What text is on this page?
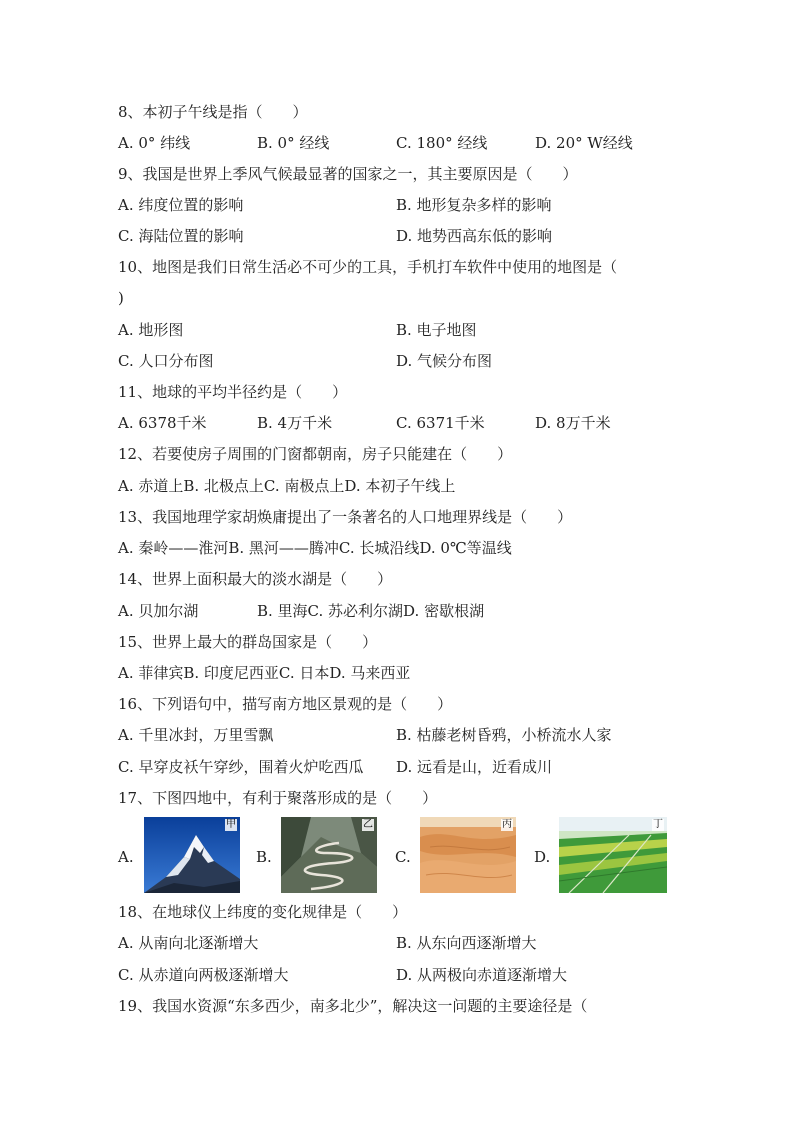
8、本初子午线是指（　　）
A. 0° 纬线	B. 0° 经线	C. 180° 经线	D. 20° W经线
9、我国是世界上季风气候最显著的国家之一，其主要原因是（　　）
A. 纬度位置的影响	B. 地形复杂多样的影响
C. 海陆位置的影响	D. 地势西高东低的影响
10、地图是我们日常生活必不可少的工具，手机打车软件中使用的地图是（
)
A. 地形图	B. 电子地图
C. 人口分布图	D. 气候分布图
11、地球的平均半径约是（　　）
A. 6378千米	B. 4万千米	C. 6371千米	D. 8万千米
12、若要使房子周围的门窗都朝南，房子只能建在（　　）
A. 赤道上B. 北极点上C. 南极点上D. 本初子午线上
13、我国地理学家胡焕庸提出了一条著名的人口地理界线是（　　）
A. 秦岭——淮河B. 黑河——腾冲C. 长城沿线D. 0℃等温线
14、世界上面积最大的淡水湖是（　　）
A. 贝加尔湖	B. 里海C. 苏必利尔湖D. 密歇根湖
15、世界上最大的群岛国家是（　　）
A. 菲律宾B. 印度尼西亚C. 日本D. 马来西亚
16、下列语句中，描写南方地区景观的是（　　）
A. 千里冰封，万里雪飘	B. 枯藤老树昏鸦，小桥流水人家
C. 早穿皮袄午穿纱，围着火炉吃西瓜 D. 远看是山，近看成川
17、下图四地中，有利于聚落形成的是（　　）
A.
甲
B.
乙
C.
丙
D.
丁
18、在地球仪上纬度的变化规律是（　　）
A. 从南向北逐渐增大	B. 从东向西逐渐增大
C. 从赤道向两极逐渐增大	D. 从两极向赤道逐渐增大
19、我国水资源“东多西少，南多北少”，解决这一问题的主要途径是（
